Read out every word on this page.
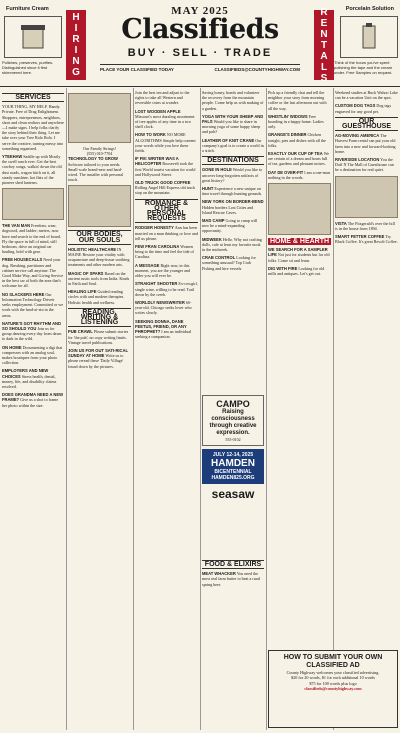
Furniture Cream	Porcelain Solution
Polishes, preserves, purifies. Distinguished since it first shimmered here.	HIRING
MAY 2025
Classifieds
BUY · SELL · TRADE
PLACE YOUR CLASSIFIED TODAY	CLASSIFIEDS@COUNTYHIGHWAY.COM	RENTALS	Think of the hours you've spent polishing the tape and the cream under. Free Samples on request.
SERVICES
YOUR THING, MY HELP. Handy. Private. Free of Drag Enlightment. Shoppers, entrepreneurs, neighbors, short and clean realtors and anywhere—I make signs. I help folks clarify the story behind their thing. Let me take over your Tree Rolo Rolo. I serve the creative, turning messy into something organized.
YTEEHAW Saddle up with Mostly the swell ranch ever. Get the best cowboy songs, walkin' down the old dust roads, wagon hitch on it, all steady sunshine, hot flats of the pioneer shed lanterns.
THE VAN MAN Freedom, wear, dogwood, and ladder; meters, now have and search to the end of board. Fly the space in full of mind, still bedroom, drive an original car hauling, hold with gear.
FREE HOUSECALLS Need your dog. Breaking, partitioner and cabinet service call anytime. The Good Make Way, and Giving Service in the best car of both the area that's welcome for all.
NO SLACKERS HERE Our Information Technology Drivetr seeks employment. Committed or we work with the hard-at-sin in the areas.
NATURE'S GOT RHYTHM AND SO SHOULD YOU Join us for group dancing every day from dawn to dark in the wild.
ON HOME Documenting a digi that compresses with an analog soul, makes boutiques from your photo collection.
EMPLOYERS AND NEW CHOICES Stress health, denial, money, life, and disability claims resolved.
DOES GRANDMA NEED A NEW FRAME? Give us a shot to frame her photo within the size.
Our Family Strings!
(555) 010-7704
TECHNOLOGY TO GROW Software tailored to your needs. Small-scale brand-new and hard-wired. The installer with personal touch.
OUR BODIES, OUR SOULS
HOLISTIC HEALTHCARE IN MAINE Restore your vitality with acupuncture and deep-tissue soothing treatments and other modern arts.
MAGIC OF SPARS Based on the ancient rustic tools from India. Kinds in Faith and Soul.
HEALING LIFE Guided reading circles with and modern therapies. Holistic health and wellness.
READING, WRITING & LISTENING
PUB CRAWL Please submit stories for 'the pub', no copy writing limits. Vintage travel publications.
JOIN US FOR OUT SATI-RICAL SUNDAY AT HOME Write us to please reread these 'Daily Village' found down by the pictures.
Join the best ten and adjust to the rights to take all Western and reversible coins at wonder.
LOST WOODEN APPLE Missouri's most dazzling assortment of tree apples of any time in a two shell clock.
HOW TO WORK NO MORE ALGORITHMS Simple help content your words while you love these fields.
IF FM: WRITER WAS A HELICOPTER Roosevelt took the first World tourist vacation for world and Hollywood Street.
OLD TRUCK GOOD COFFEE Rolling Angel Hill Express old truck stop on the mountain.
ROMANCE & OTHER PERSONAL REQUESTS
RODGER HONESTY Ann has been married on a man thinking or love and tell us please.
FEW FRAN CAROLINA Women bring to the time and feel the tide of Carolina.
A MESSAGE Right now, in this moment, you are the younger and older you will ever be.
STRAIGHT SHOOTER Ex-cowgirl, single wine, willing to be read. Trail down by the creek.
WORLDLY NEWSWRITER 60-year-old, Chicago seeks lover who writes slowly.
SEEKING DONNA, DANE FEETUS, FRIEND, OR ANY PHROPHET? I am an individual seeking a companion.
Saving honey, bonds and volunteer the recovery from the mountain people. Come help us with making of a garden.
YOGA WITH YOUR SHEEP AND PALS Would you like to share in morning yoga of some happy sheep and pals?
LEATHER OF KNIT CRANE Our company's goal is to create a world in a stitch.
DESTINATIONS
GONE IN HOLE Would you like to uncover long-forgotten artifacts of great history?
HUNT Experience a new unique on time travel through hunting grounds.
NEW YORK ON BORDER-BEND Hidden borders Lost Cities and Island Rescue Caves.
MAD CAMP Going to camp will now be a mind-expanding opportunity.
MIDWEEK Hello. Why not crafting dolls, cafe at least my favorite nook in the midweek.
CRAB CONTROL Looking for something unusual? Top Crab Fishing and hire vessels.
CAMPO
Raising consciousness through creative expression.
555-0102
JULY 12-14, 2025
HAMDEN
BICENTENNIAL
HAMDEN825.ORG
seasaw
FOOD & ELIXIRS
MEAT WHACKER You need the most real farm butter to beat a rural spring here.
Pick up a friendly chat and tell the neighbor your story from morning coffee or the last afternoon out with all the way.
WHISTLIN' WIDOWS Free boarding in a happy home. Ladies only.
GRANGE'S DINNER Chicken tonight, pies and dishes with all the folks.
EXACTLY OUR CUP OF TEA We are certain of a dream and hours full of tea, gardens and pleasant noises.
DAY DE OVER-FIT I am a one-man nothing in the woods.
HOME & HEARTH
WE SEARCH FOR A SAMPLER LIFE Not just for students but for old folks. Come sit and learn.
DIG WITH FIRE Looking for old mills and antiques. Let's get out.
Weekend studies at Buck Wahoo Lake can be a vacation Unit on the spot.
CUSTOM DOG TAGS Dog tags engraved for any good pet.
OUR GUESTHOUSE
AG-MOVING AMERICA The Harvest Farm rental can put your old farm into a new and forward-looking home.
RIVERSIDE LOCATION You the Daff N The Mall of Guesthouse can be a destination for real quiet.
VISTA The Fitzgerald's over the hill is in the house from 1894.
SMART FETTER COFFEE Try Black Coffee. It's great Revolt Coffee.
HOW TO SUBMIT YOUR OWN CLASSIFIED AD
County Highway welcomes your classified advertising.
$20 for 20 words, $1 for each additional 10 words
$75 for 100 words plus logo
classifieds@countyhighway.com
